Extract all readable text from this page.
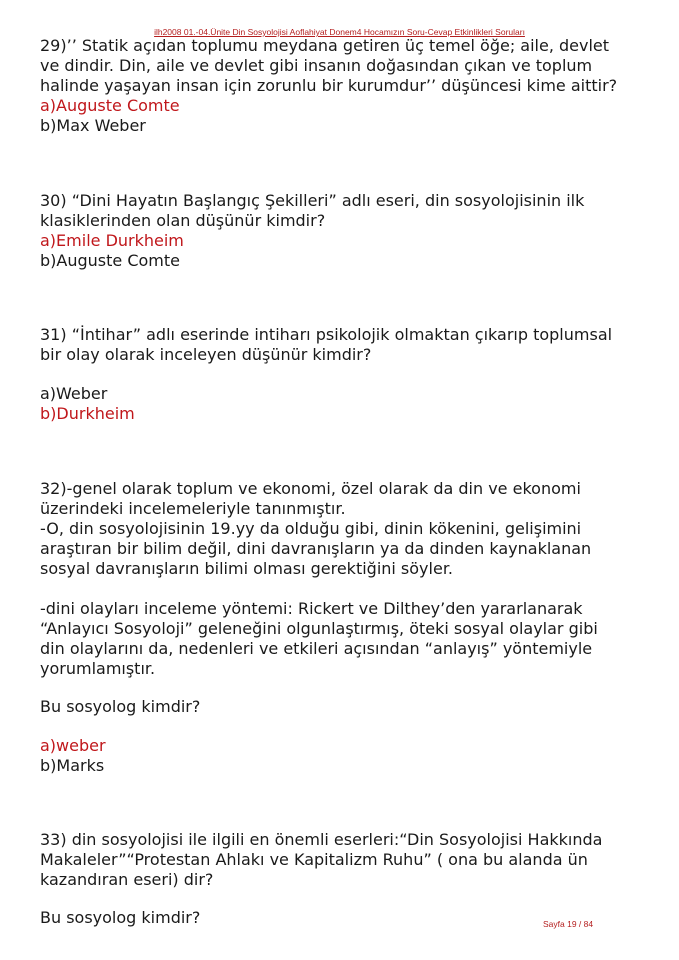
ilh2008 01.-04.Ünite Din Sosyolojisi Aoflahiyat Donem4 Hocamızın Soru-Cevap Etkinlikleri Soruları
29)’’ Statik açıdan toplumu meydana getiren üç temel öğe; aile, devlet
ve dindir. Din, aile ve devlet gibi insanın doğasından çıkan ve toplum
halinde yaşayan insan için zorunlu bir kurumdur’’ düşüncesi kime aittir?
a)Auguste Comte
b)Max Weber
30) “Dini Hayatın Başlangıç Şekilleri” adlı eseri, din sosyolojisinin ilk
klasiklerinden olan düşünür kimdir?
a)Emile Durkheim
b)Auguste Comte
31) “İntihar” adlı eserinde intiharı psikolojik olmaktan çıkarıp toplumsal
bir olay olarak inceleyen düşünür kimdir?
a)Weber
b)Durkheim
32)-genel olarak toplum ve ekonomi, özel olarak da din ve ekonomi
üzerindeki incelemeleriyle tanınmıştır.
-O, din sosyolojisinin 19.yy da olduğu gibi, dinin kökenini, gelişimini
araştıran bir bilim değil, dini davranışların ya da dinden kaynaklanan
sosyal davranışların bilimi olması gerektiğini söyler.
-dini olayları inceleme yöntemi: Rickert ve Dilthey’den yararlanarak
“Anlayıcı Sosyoloji” geleneğini olgunlaştırmış, öteki sosyal olaylar gibi
din olaylarını da, nedenleri ve etkileri açısından “anlayış” yöntemiyle
yorumlamıştır.
Bu sosyolog kimdir?
a)weber
b)Marks
33) din sosyolojisi ile ilgili en önemli eserleri:“Din Sosyolojisi Hakkında
Makaleler”“Protestan Ahlakı ve Kapitalizm Ruhu” ( ona bu alanda ün
kazandıran eseri) dir?
Bu sosyolog kimdir?	Sayfa 19 / 84
